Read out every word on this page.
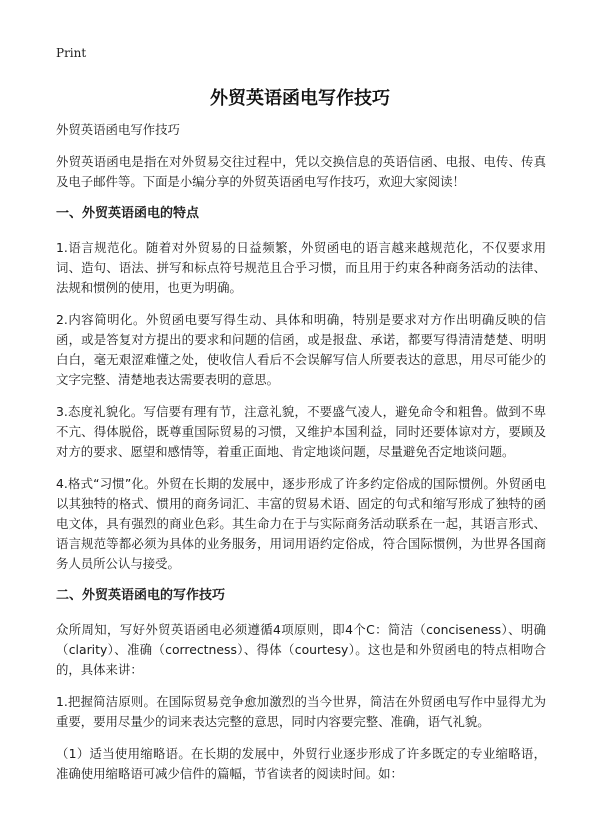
Print
外贸英语函电写作技巧

外贸英语函电写作技巧

外贸英语函电是指在对外贸易交往过程中，凭以交换信息的英语信函、电报、电传、传真及电子邮件等。下面是小编分享的外贸英语函电写作技巧，欢迎大家阅读！

一、外贸英语函电的特点

1.语言规范化。随着对外贸易的日益频繁，外贸函电的语言越来越规范化，不仅要求用词、造句、语法、拼写和标点符号规范且合乎习惯，而且用于约束各种商务活动的法律、法规和惯例的使用，也更为明确。

2.内容简明化。外贸函电要写得生动、具体和明确，特别是要求对方作出明确反映的信函，或是答复对方提出的要求和问题的信函，或是报盘、承诺，都要写得清清楚楚、明明白白，毫无艰涩难懂之处，使收信人看后不会误解写信人所要表达的意思，用尽可能少的文字完整、清楚地表达需要表明的意思。

3.态度礼貌化。写信要有理有节，注意礼貌，不要盛气凌人，避免命令和粗鲁。做到不卑不亢、得体脱俗，既尊重国际贸易的习惯，又维护本国利益，同时还要体谅对方，要顾及对方的要求、愿望和感情等，着重正面地、肯定地谈问题，尽量避免否定地谈问题。

4.格式“习惯”化。外贸在长期的发展中，逐步形成了许多约定俗成的国际惯例。外贸函电以其独特的格式、惯用的商务词汇、丰富的贸易术语、固定的句式和缩写形成了独特的函电文体，具有强烈的商业色彩。其生命力在于与实际商务活动联系在一起，其语言形式、语言规范等都必须为具体的业务服务，用词用语约定俗成，符合国际惯例，为世界各国商务人员所公认与接受。

二、外贸英语函电的写作技巧

众所周知，写好外贸英语函电必须遵循4项原则，即4个C：简洁（conciseness）、明确（clarity）、准确（correctness）、得体（courtesy）。这也是和外贸函电的特点相吻合的，具体来讲：

1.把握简洁原则。在国际贸易竞争愈加激烈的当今世界，简洁在外贸函电写作中显得尤为重要，要用尽量少的词来表达完整的意思，同时内容要完整、准确，语气礼貌。

（1）适当使用缩略语。在长期的发展中，外贸行业逐步形成了许多既定的专业缩略语，准确使用缩略语可减少信件的篇幅，节省读者的阅读时间。如：
